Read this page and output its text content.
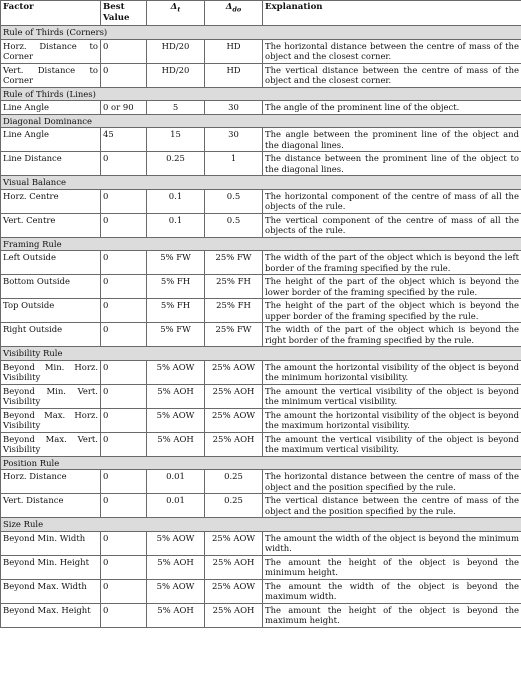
Factor	Best Value	$\Delta_t$	$\Delta_{do}$	Explanation
Rule of Thirds (Corners)				
Horz. Distance to Corner	0	HD/20	HD	The horizontal distance between the centre of mass of the object and the closest corner.
Vert. Distance to Corner	0	HD/20	HD	The vertical distance between the centre of mass of the object and the closest corner.
Rule of Thirds (Lines)				
Line Angle	0 or 90	5	30	The angle of the prominent line of the object.
Diagonal Dominance				
Line Angle	45	15	30	The angle between the prominent line of the object and the diagonal lines.
Line Distance	0	0.25	1	The distance between the prominent line of the object to the diagonal lines.
Visual Balance				
Horz. Centre	0	0.1	0.5	The horizontal component of the centre of mass of all the objects of the rule.
Vert. Centre	0	0.1	0.5	The vertical component of the centre of mass of all the objects of the rule.
Framing Rule				
Left Outside	0	5% FW	25% FW	The width of the part of the object which is beyond the left border of the framing specified by the rule.
Bottom Outside	0	5% FH	25% FH	The height of the part of the object which is beyond the lower border of the framing specified by the rule.
Top Outside	0	5% FH	25% FH	The height of the part of the object which is beyond the upper border of the framing specified by the rule.
Right Outside	0	5% FW	25% FW	The width of the part of the object which is beyond the right border of the framing specified by the rule.
Visibility Rule				
Beyond Min. Horz. Visibility	0	5% AOW	25% AOW	The amount the horizontal visibility of the object is beyond the minimum horizontal visibility.
Beyond Min. Vert. Visibility	0	5% AOH	25% AOH	The amount the vertical visibility of the object is beyond the minimum vertical visibility.
Beyond Max. Horz. Visibility	0	5% AOW	25% AOW	The amount the horizontal visibility of the object is beyond the maximum horizontal visibility.
Beyond Max. Vert. Visibility	0	5% AOH	25% AOH	The amount the vertical visibility of the object is beyond the maximum vertical visibility.
Position Rule				
Horz. Distance	0	0.01	0.25	The horizontal distance between the centre of mass of the object and the position specified by the rule.
Vert. Distance	0	0.01	0.25	The vertical distance between the centre of mass of the object and the position specified by the rule.
Size Rule				
Beyond Min. Width	0	5% AOW	25% AOW	The amount the width of the object is beyond the minimum width.
Beyond Min. Height	0	5% AOH	25% AOH	The amount the height of the object is beyond the minimum height.
Beyond Max. Width	0	5% AOW	25% AOW	The amount the width of the object is beyond the maximum width.
Beyond Max. Height	0	5% AOH	25% AOH	The amount the height of the object is beyond the maximum height.
